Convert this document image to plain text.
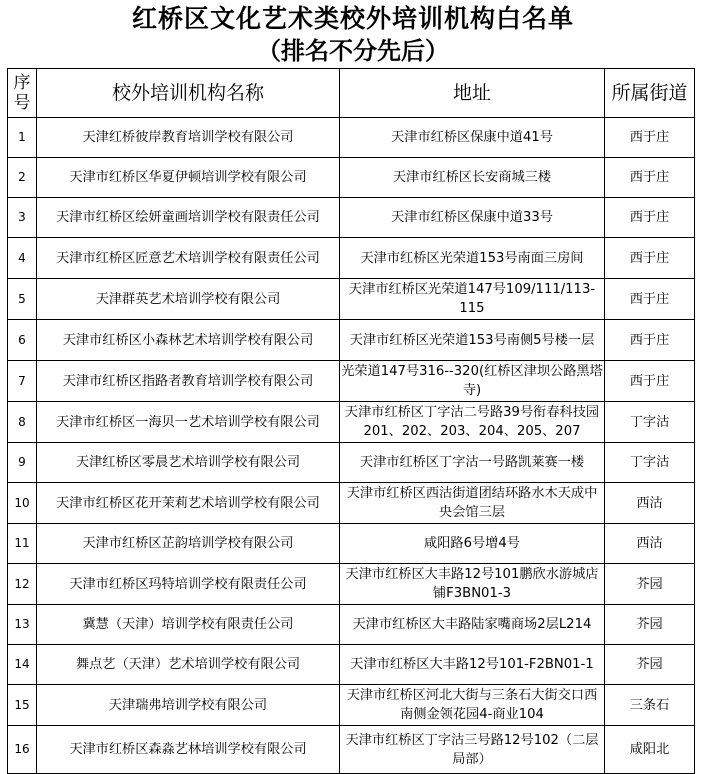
红桥区文化艺术类校外培训机构白名单
（排名不分先后）
序号	校外培训机构名称	地址	所属街道
1	天津红桥彼岸教育培训学校有限公司	天津市红桥区保康中道41号	西于庄
2	天津市红桥区华夏伊顿培训学校有限公司	天津市红桥区长安商城三楼	西于庄
3	天津市红桥区绘妍童画培训学校有限责任公司	天津市红桥区保康中道33号	西于庄
4	天津市红桥区匠意艺术培训学校有限责任公司	天津市红桥区光荣道153号南面三房间	西于庄
5	天津群英艺术培训学校有限公司	天津市红桥区光荣道147号109/111/113-115	西于庄
6	天津市红桥区小森林艺术培训学校有限公司	天津市红桥区光荣道153号南侧5号楼一层	西于庄
7	天津市红桥区指路者教育培训学校有限公司	光荣道147号316--320(红桥区津坝公路黑塔寺)	西于庄
8	天津市红桥区一海贝一艺术培训学校有限公司	天津市红桥区丁字沽二号路39号衔春科技园201、202、203、204、205、207	丁字沽
9	天津红桥区零晨艺术培训学校有限公司	天津市红桥区丁字沽一号路凯莱赛一楼	丁字沽
10	天津市红桥区花开茉莉艺术培训学校有限公司	天津市红桥区西沽街道团结环路水木天成中央会馆三层	西沽
11	天津市红桥区芷韵培训学校有限公司	咸阳路6号增4号	西沽
12	天津市红桥区玛特培训学校有限责任公司	天津市红桥区大丰路12号101鹏欣水游城店铺F3BN01-3	芥园
13	冀慧（天津）培训学校有限责任公司	天津市红桥区大丰路陆家嘴商场2层L214	芥园
14	舞点艺（天津）艺术培训学校有限公司	天津市红桥区大丰路12号101-F2BN01-1	芥园
15	天津瑞弗培训学校有限公司	天津市红桥区河北大街与三条石大街交口西南侧金领花园4-商业104	三条石
16	天津市红桥区森淼艺林培训学校有限公司	天津市红桥区丁字沽三号路12号102（二层局部）	咸阳北
